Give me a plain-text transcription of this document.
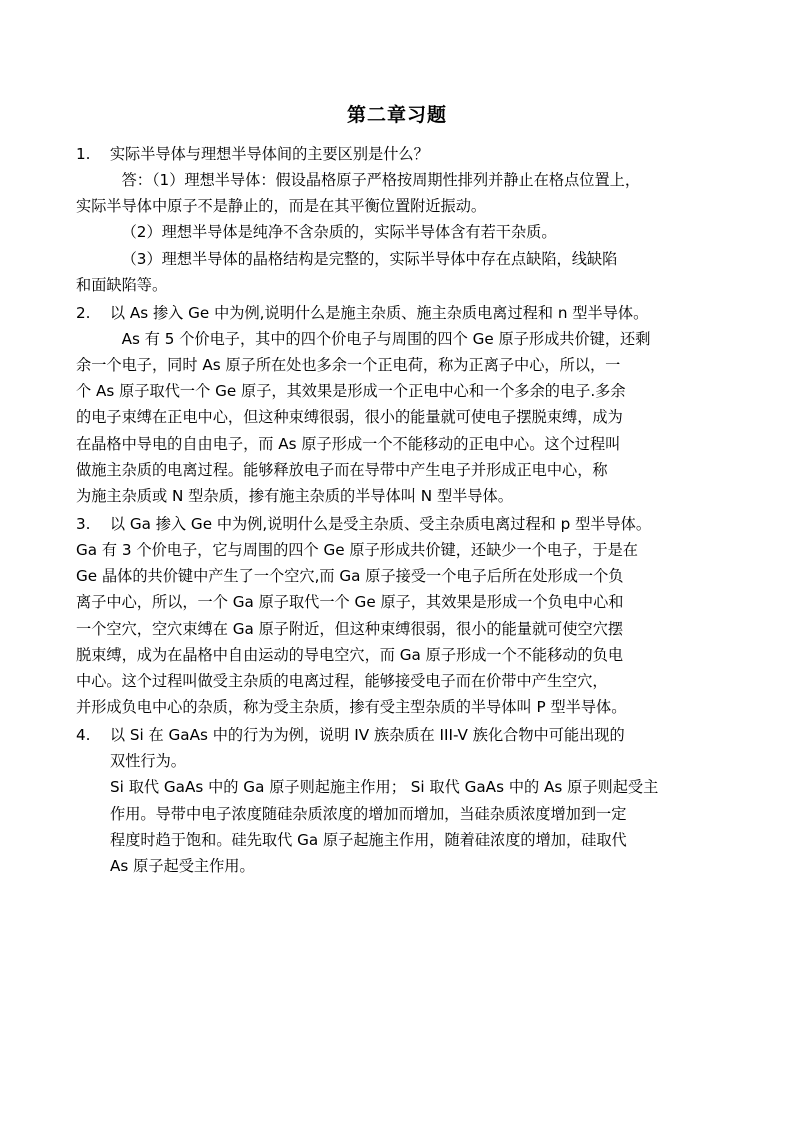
第二章习题
1. 实际半导体与理想半导体间的主要区别是什么？
答：（1）理想半导体：假设晶格原子严格按周期性排列并静止在格点位置上，
实际半导体中原子不是静止的，而是在其平衡位置附近振动。
（2）理想半导体是纯净不含杂质的，实际半导体含有若干杂质。
（3）理想半导体的晶格结构是完整的，实际半导体中存在点缺陷，线缺陷
和面缺陷等。
2. 以 As 掺入 Ge 中为例,说明什么是施主杂质、施主杂质电离过程和 n 型半导体。
As 有 5 个价电子，其中的四个价电子与周围的四个 Ge 原子形成共价键，还剩
余一个电子，同时 As 原子所在处也多余一个正电荷，称为正离子中心，所以，一
个 As 原子取代一个 Ge 原子，其效果是形成一个正电中心和一个多余的电子.多余
的电子束缚在正电中心，但这种束缚很弱，很小的能量就可使电子摆脱束缚，成为
在晶格中导电的自由电子，而 As 原子形成一个不能移动的正电中心。这个过程叫
做施主杂质的电离过程。能够释放电子而在导带中产生电子并形成正电中心，称
为施主杂质或 N 型杂质，掺有施主杂质的半导体叫 N 型半导体。
3. 以 Ga 掺入 Ge 中为例,说明什么是受主杂质、受主杂质电离过程和 p 型半导体。
Ga 有 3 个价电子，它与周围的四个 Ge 原子形成共价键，还缺少一个电子，于是在
Ge 晶体的共价键中产生了一个空穴,而 Ga 原子接受一个电子后所在处形成一个负
离子中心，所以，一个 Ga 原子取代一个 Ge 原子，其效果是形成一个负电中心和
一个空穴，空穴束缚在 Ga 原子附近，但这种束缚很弱，很小的能量就可使空穴摆
脱束缚，成为在晶格中自由运动的导电空穴，而 Ga 原子形成一个不能移动的负电
中心。这个过程叫做受主杂质的电离过程，能够接受电子而在价带中产生空穴，
并形成负电中心的杂质，称为受主杂质，掺有受主型杂质的半导体叫 P 型半导体。
4. 以 Si 在 GaAs 中的行为为例，说明 IV 族杂质在 III-V 族化合物中可能出现的
双性行为。
Si 取代 GaAs 中的 Ga 原子则起施主作用； Si 取代 GaAs 中的 As 原子则起受主
作用。导带中电子浓度随硅杂质浓度的增加而增加，当硅杂质浓度增加到一定
程度时趋于饱和。硅先取代 Ga 原子起施主作用，随着硅浓度的增加，硅取代
As 原子起受主作用。
